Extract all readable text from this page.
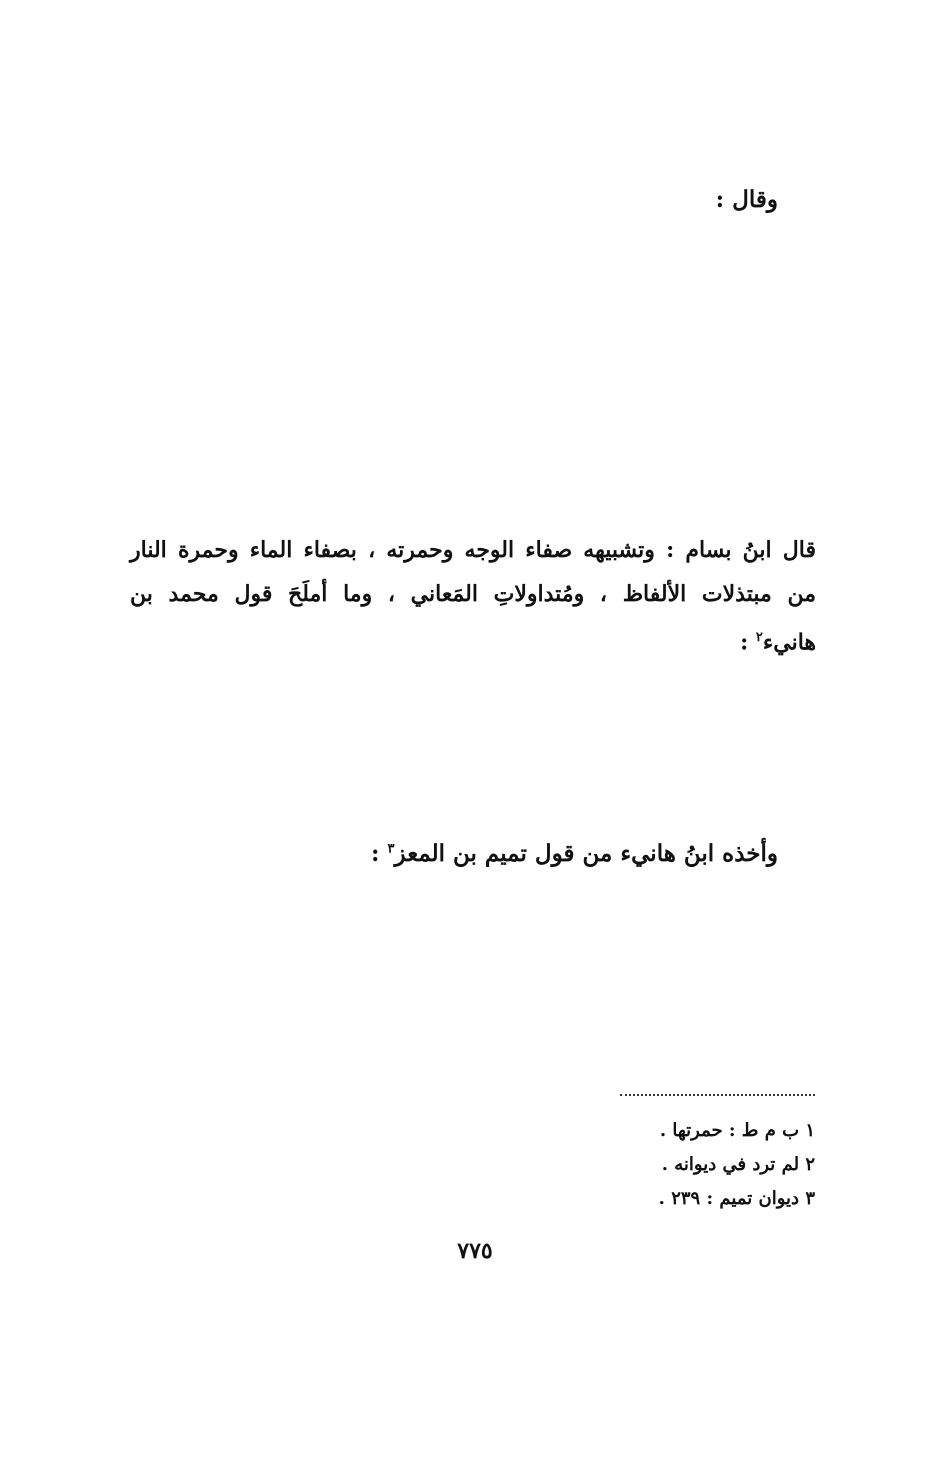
وقال :
قال ابنُ بسام : وتشبيهه صفاء الوجه وحمرته ، بصفاء الماء وحمرة النار
من مبتذلات الألفاظ ، ومُتداولاتِ المَعاني ، وما أملَحَ قول محمد بن
هانيء$^٢$ :
وأخذه ابنُ هانيء من قول تميم بن المعز$^٣$ :
١ ب م ط : حمرتها .
٢ لم ترد في ديوانه .
٣ ديوان تميم : ٢٣٩ .
٧٧٥
